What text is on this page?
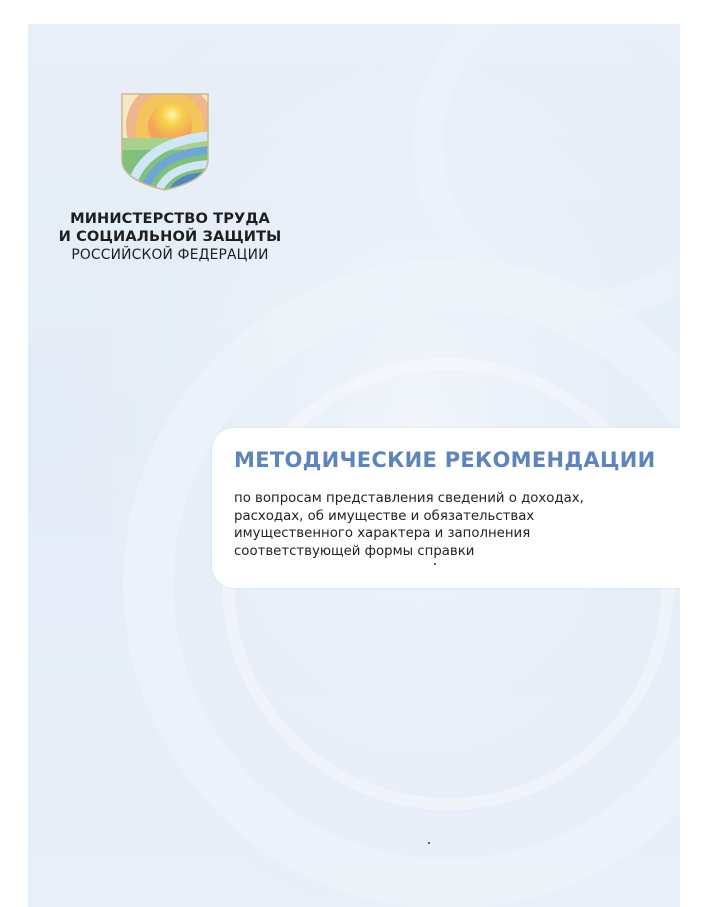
МИНИСТЕРСТВО ТРУДА
И СОЦИАЛЬНОЙ ЗАЩИТЫ
РОССИЙСКОЙ ФЕДЕРАЦИИ
МЕТОДИЧЕСКИЕ РЕКОМЕНДАЦИИ
по вопросам представления сведений о доходах,
расходах, об имуществе и обязательствах
имущественного характера и заполнения
соответствующей формы справки
